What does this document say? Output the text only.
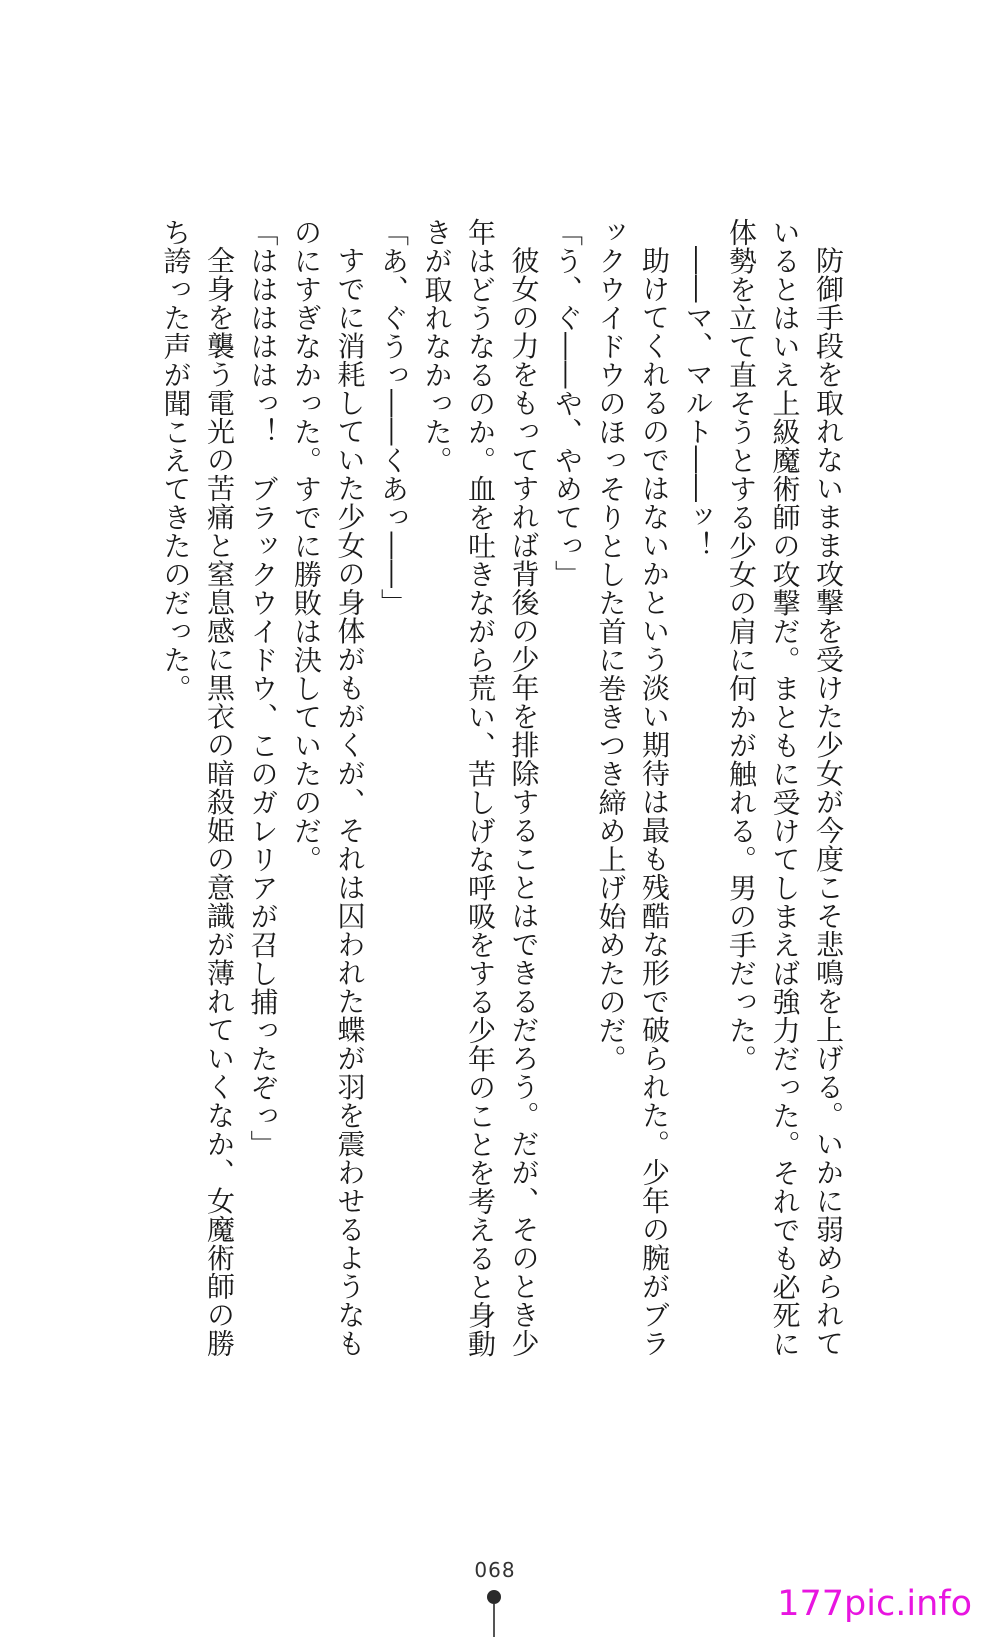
防御手段を取れないまま攻撃を受けた少女が今度こそ悲鳴を上げる。いかに弱められて

いるとはいえ上級魔術師の攻撃だ。まともに受けてしまえば強力だった。それでも必死に

体勢を立て直そうとする少女の肩に何かが触れる。男の手だった。

――マ、マルト――ッ！

助けてくれるのではないかという淡い期待は最も残酷な形で破られた。少年の腕がブラ

ックウイドウのほっそりとした首に巻きつき締め上げ始めたのだ。

「う、ぐ――や、やめてっ」

彼女の力をもってすれば背後の少年を排除することはできるだろう。だが、そのとき少

年はどうなるのか。血を吐きながら荒い、苦しげな呼吸をする少年のことを考えると身動

きが取れなかった。

「あ、ぐうっ――くあっ――」

すでに消耗していた少女の身体がもがくが、それは囚われた蝶が羽を震わせるようなも

のにすぎなかった。すでに勝敗は決していたのだ。

「はははははっ！　ブラックウイドウ、このガレリアが召し捕ったぞっ」

全身を襲う電光の苦痛と窒息感に黒衣の暗殺姫の意識が薄れていくなか、女魔術師の勝

ち誇った声が聞こえてきたのだった。

068
177pic.info
